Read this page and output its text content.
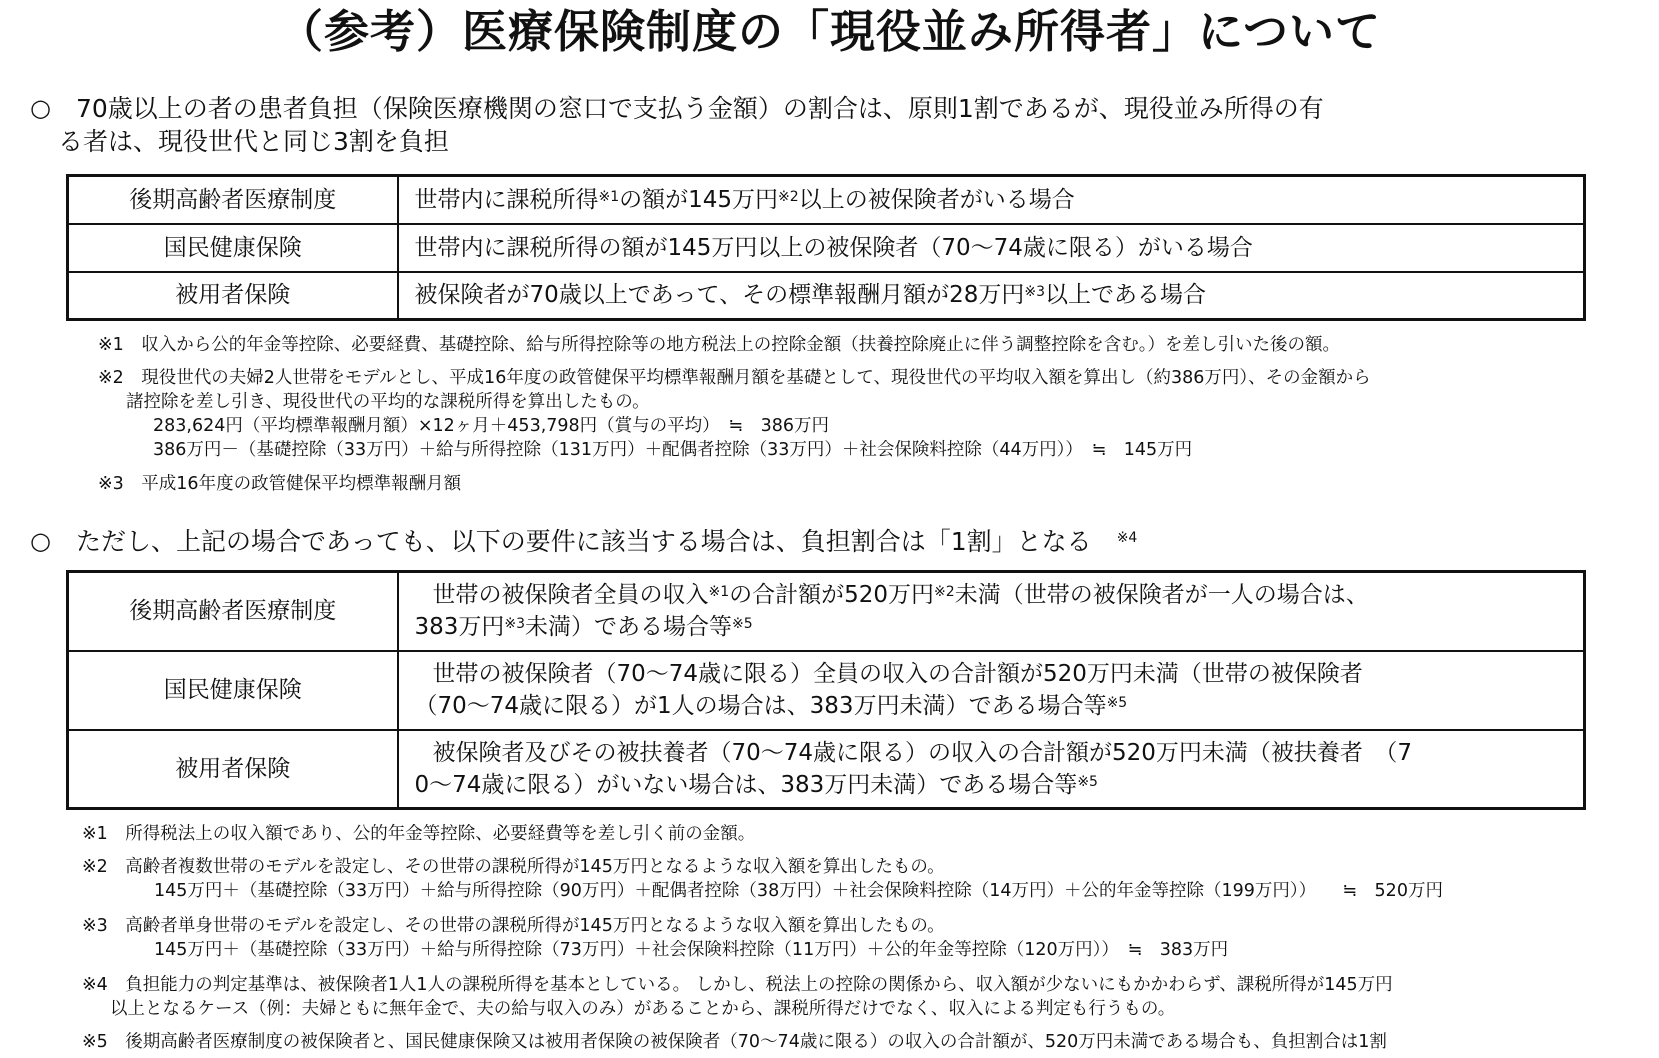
（参考）医療保険制度の「現役並み所得者」について
○ 70歳以上の者の患者負担（保険医療機関の窓口で支払う金額）の割合は、原則1割であるが、現役並み所得の有
る者は、現役世代と同じ3割を負担
後期高齢者医療制度	世帯内に課税所得$^{※1}$の額が145万円$^{※2}$以上の被保険者がいる場合
国民健康保険	世帯内に課税所得の額が145万円以上の被保険者（70～74歳に限る）がいる場合
被用者保険	被保険者が70歳以上であって、その標準報酬月額が28万円$^{※3}$以上である場合
※1　収入から公的年金等控除、必要経費、基礎控除、給与所得控除等の地方税法上の控除金額（扶養控除廃止に伴う調整控除を含む。）を差し引いた後の額。
※2　現役世代の夫婦2人世帯をモデルとし、平成16年度の政管健保平均標準報酬月額を基礎として、現役世代の平均収入額を算出し（約386万円）、その金額から
諸控除を差し引き、現役世代の平均的な課税所得を算出したもの。
283,624円（平均標準報酬月額）×12ヶ月＋453,798円（賞与の平均）　≒　386万円
386万円－（基礎控除（33万円）＋給与所得控除（131万円）＋配偶者控除（33万円）＋社会保険料控除（44万円））　≒　145万円
※3　平成16年度の政管健保平均標準報酬月額
○	ただし、上記の場合であっても、以下の要件に該当する場合は、負担割合は「1割」となる　 $^{※4}$
後期高齢者医療制度	世帯の被保険者全員の収入$^{※1}$の合計額が520万円$^{※2}$未満（世帯の被保険者が一人の場合は、
383万円$^{※3}$未満）である場合等$^{※5}$

国民健康保険	世帯の被保険者（70～74歳に限る）全員の収入の合計額が520万円未満（世帯の被保険者
（70～74歳に限る）が1人の場合は、383万円未満）である場合等$^{※5}$

被用者保険	被保険者及びその被扶養者（70～74歳に限る）の収入の合計額が520万円未満（被扶養者　（7
0～74歳に限る）がいない場合は、383万円未満）である場合等$^{※5}$
※1　所得税法上の収入額であり、公的年金等控除、必要経費等を差し引く前の金額。
※2　高齢者複数世帯のモデルを設定し、その世帯の課税所得が145万円となるような収入額を算出したもの。
145万円＋（基礎控除（33万円）＋給与所得控除（90万円）＋配偶者控除（38万円）＋社会保険料控除（14万円）＋公的年金等控除（199万円））　　≒　520万円
※3　高齢者単身世帯のモデルを設定し、その世帯の課税所得が145万円となるような収入額を算出したもの。
145万円＋（基礎控除（33万円）＋給与所得控除（73万円）＋社会保険料控除（11万円）＋公的年金等控除（120万円））　≒　383万円
※4　負担能力の判定基準は、被保険者1人1人の課税所得を基本としている。 しかし、税法上の控除の関係から、収入額が少ないにもかかわらず、課税所得が145万円
以上となるケース（例：夫婦ともに無年金で、夫の給与収入のみ）があることから、課税所得だけでなく、収入による判定も行うもの。
※5　後期高齢者医療制度の被保険者と、国民健康保険又は被用者保険の被保険者（70～74歳に限る）の収入の合計額が、520万円未満である場合も、負担割合は1割
